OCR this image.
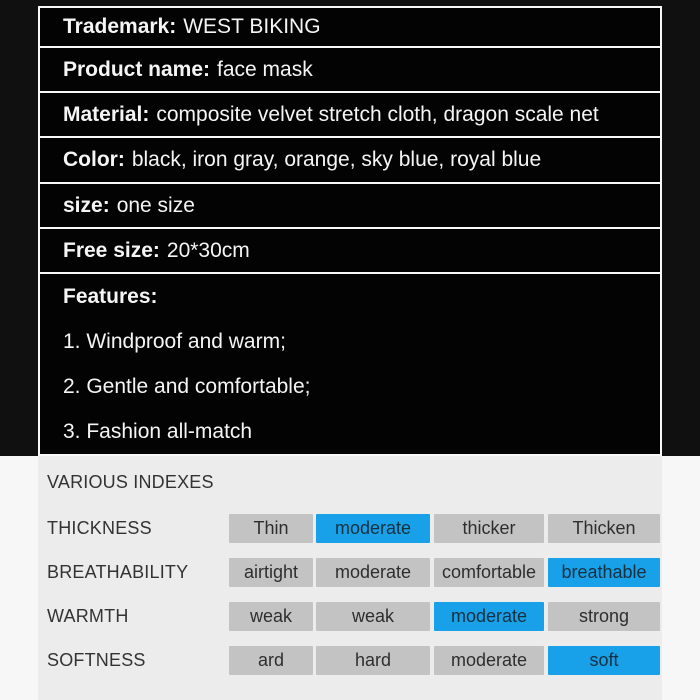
Trademark: WEST BIKING
Product name: face mask
Material: composite velvet stretch cloth, dragon scale net
Color: black, iron gray, orange, sky blue, royal blue
size: one size
Free size: 20*30cm
Features:
1. Windproof and warm;
2. Gentle and comfortable;
3. Fashion all-match
VARIOUS INDEXES
THICKNESS	Thin	moderate	thicker	Thicken
BREATHABILITY	airtight	moderate	comfortable	breathable
WARMTH	weak	weak	moderate	strong
SOFTNESS	ard	hard	moderate	soft
